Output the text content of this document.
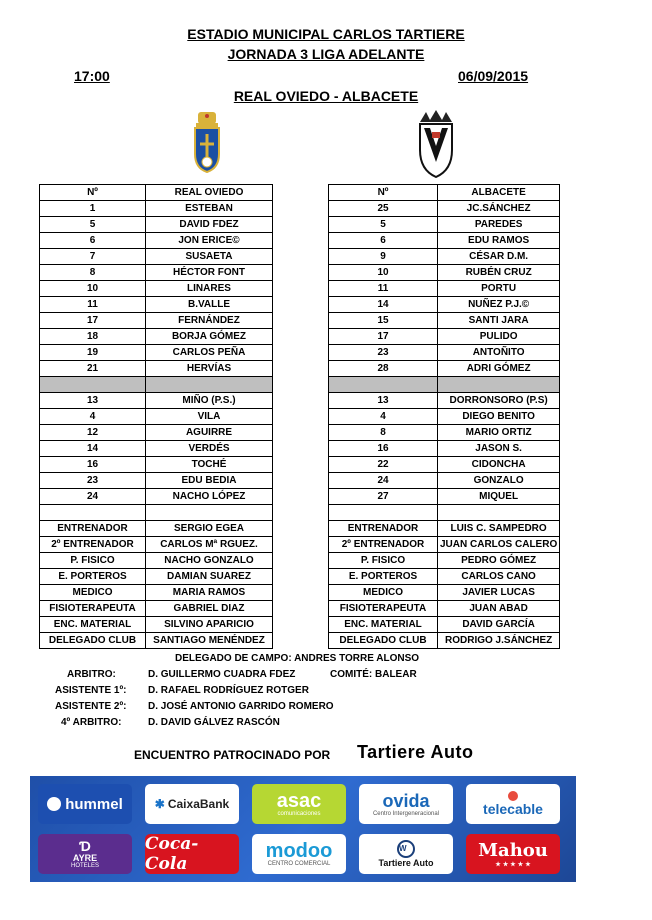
ESTADIO MUNICIPAL CARLOS TARTIERE
JORNADA 3 LIGA ADELANTE
17:00	06/09/2015
REAL OVIEDO - ALBACETE
Nº	REAL OVIEDO
1	ESTEBAN
5	DAVID FDEZ
6	JON ERICE©
7	SUSAETA
8	HÉCTOR FONT
10	LINARES
11	B.VALLE
17	FERNÁNDEZ
18	BORJA GÓMEZ
19	CARLOS PEÑA
21	HERVÍAS

13	MIÑO (P.S.)
4	VILA
12	AGUIRRE
14	VERDÉS
16	TOCHÉ
23	EDU BEDIA
24	NACHO LÓPEZ

ENTRENADOR	SERGIO EGEA
2º ENTRENADOR	CARLOS Mª RGUEZ.
P. FISICO	NACHO GONZALO
E. PORTEROS	DAMIAN SUAREZ
MEDICO	MARIA RAMOS
FISIOTERAPEUTA	GABRIEL DIAZ
ENC. MATERIAL	SILVINO APARICIO
DELEGADO CLUB	SANTIAGO MENÉNDEZ
Nº	ALBACETE
25	JC.SÁNCHEZ
5	PAREDES
6	EDU RAMOS
9	CÉSAR D.M.
10	RUBÉN CRUZ
11	PORTU
14	NUÑEZ P.J.©
15	SANTI JARA
17	PULIDO
23	ANTOÑITO
28	ADRI GÓMEZ

13	DORRONSORO (P.S)
4	DIEGO BENITO
8	MARIO ORTIZ
16	JASON S.
22	CIDONCHA
24	GONZALO
27	MIQUEL

ENTRENADOR	LUIS C. SAMPEDRO
2º ENTRENADOR	JUAN CARLOS CALERO
P. FISICO	PEDRO GÓMEZ
E. PORTEROS	CARLOS CANO
MEDICO	JAVIER LUCAS
FISIOTERAPEUTA	JUAN ABAD
ENC. MATERIAL	DAVID GARCÍA
DELEGADO CLUB	RODRIGO J.SÁNCHEZ
DELEGADO DE CAMPO: ANDRES TORRE ALONSO
ARBITRO:	D. GUILLERMO CUADRA FDEZ	COMITÉ: BALEAR
ASISTENTE 1º: D. RAFAEL RODRÍGUEZ ROTGER
ASISTENTE 2º: D. JOSÉ ANTONIO GARRIDO ROMERO
4º ARBITRO:	D. DAVID GÁLVEZ RASCÓN
ENCUENTRO PATROCINADO POR Tartiere Auto
hummel	✱ CaixaBank asac
comunicaciones
ovida
Centro Intergeneracional	telecable
Ɗ
AYRE
HOTELES
Coca-Cola
modoo
CENTRO COMERCIAL
W
Tartiere Auto
Mahou
★ ★ ★ ★ ★
